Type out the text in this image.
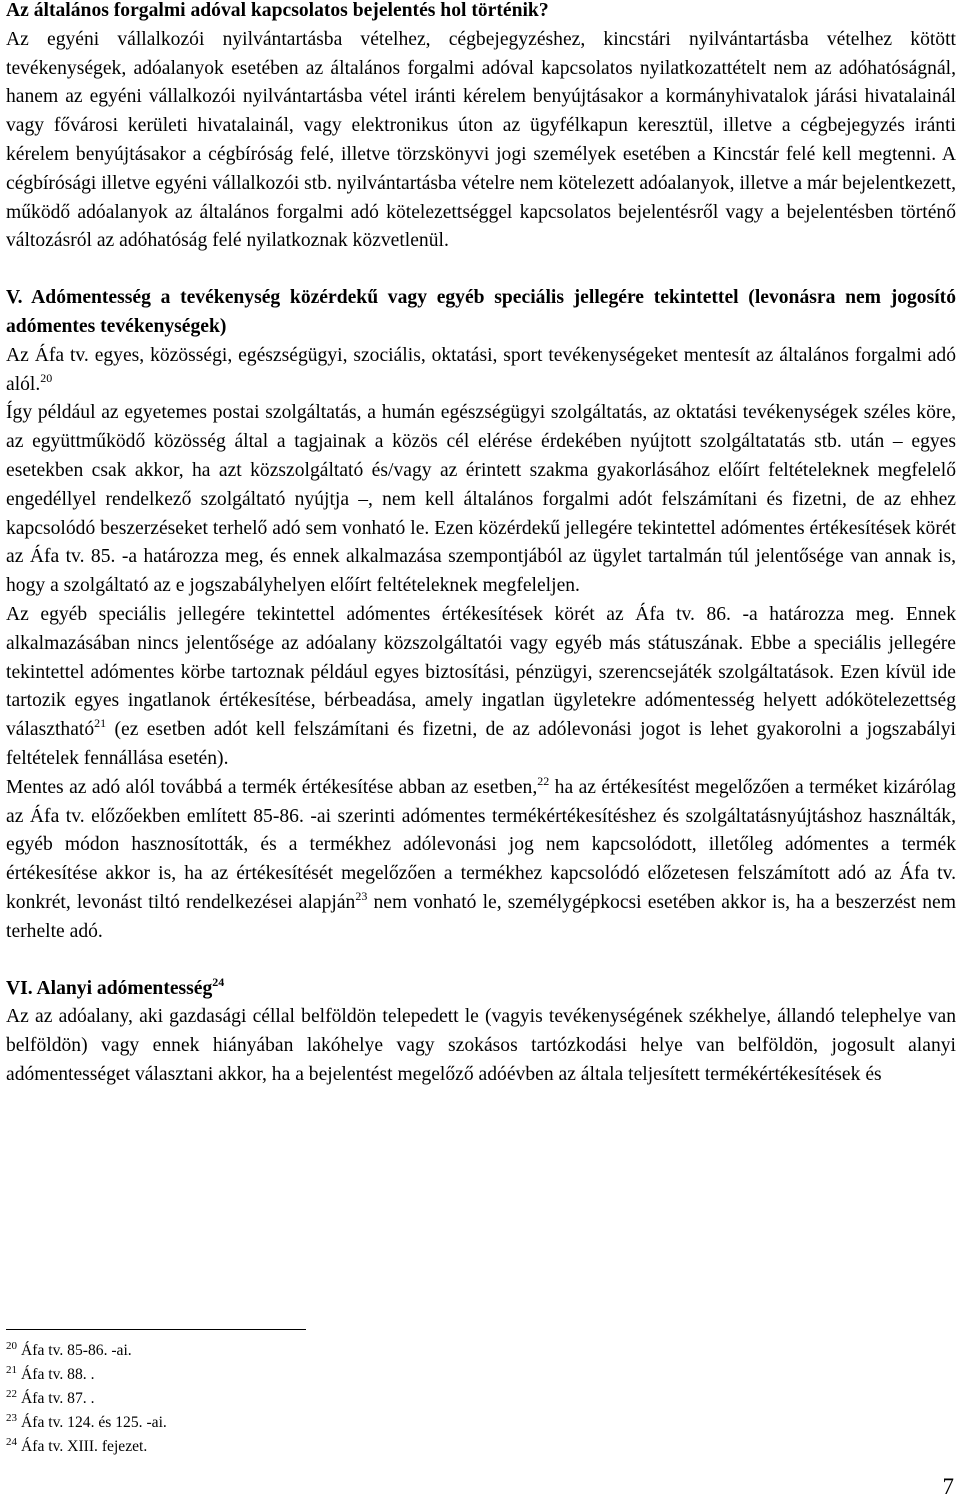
Az általános forgalmi adóval kapcsolatos bejelentés hol történik?

Az egyéni vállalkozói nyilvántartásba vételhez, cégbejegyzéshez, kincstári nyilvántartásba vételhez kötött tevékenységek, adóalanyok esetében az általános forgalmi adóval kapcsolatos nyilatkozattételt nem az adóhatóságnál, hanem az egyéni vállalkozói nyilvántartásba vétel iránti kérelem benyújtásakor a kormányhivatalok járási hivatalainál vagy fővárosi kerületi hivatalainál, vagy elektronikus úton az ügyfélkapun keresztül, illetve a cégbejegyzés iránti kérelem benyújtásakor a cégbíróság felé, illetve törzskönyvi jogi személyek esetében a Kincstár felé kell megtenni. A cégbírósági illetve egyéni vállalkozói stb. nyilvántartásba vételre nem kötelezett adóalanyok, illetve a már bejelentkezett, működő adóalanyok az általános forgalmi adó kötelezettséggel kapcsolatos bejelentésről vagy a bejelentésben történő változásról az adóhatóság felé nyilatkoznak közvetlenül.

V. Adómentesség a tevékenység közérdekű vagy egyéb speciális jellegére tekintettel (levonásra nem jogosító adómentes tevékenységek)

Az Áfa tv. egyes, közösségi, egészségügyi, szociális, oktatási, sport tevékenységeket mentesít az általános forgalmi adó alól.$^{20}$

Így például az egyetemes postai szolgáltatás, a humán egészségügyi szolgáltatás, az oktatási tevékenységek széles köre, az együttműködő közösség által a tagjainak a közös cél elérése érdekében nyújtott szolgáltatatás stb. után – egyes esetekben csak akkor, ha azt közszolgáltató és/vagy az érintett szakma gyakorlásához előírt feltételeknek megfelelő engedéllyel rendelkező szolgáltató nyújtja –, nem kell általános forgalmi adót felszámítani és fizetni, de az ehhez kapcsolódó beszerzéseket terhelő adó sem vonható le. Ezen közérdekű jellegére tekintettel adómentes értékesítések körét az Áfa tv. 85. -a határozza meg, és ennek alkalmazása szempontjából az ügylet tartalmán túl jelentősége van annak is, hogy a szolgáltató az e jogszabályhelyen előírt feltételeknek megfeleljen.

Az egyéb speciális jellegére tekintettel adómentes értékesítések körét az Áfa tv. 86. -a határozza meg. Ennek alkalmazásában nincs jelentősége az adóalany közszolgáltatói vagy egyéb más státuszának. Ebbe a speciális jellegére tekintettel adómentes körbe tartoznak például egyes biztosítási, pénzügyi, szerencsejáték szolgáltatások. Ezen kívül ide tartozik egyes ingatlanok értékesítése, bérbeadása, amely ingatlan ügyletekre adómentesség helyett adókötelezettség választható$^{21}$ (ez esetben adót kell felszámítani és fizetni, de az adólevonási jogot is lehet gyakorolni a jogszabályi feltételek fennállása esetén).

Mentes az adó alól továbbá a termék értékesítése abban az esetben,$^{22}$ ha az értékesítést megelőzően a terméket kizárólag az Áfa tv. előzőekben említett 85-86. -ai szerinti adómentes termékértékesítéshez és szolgáltatásnyújtáshoz használták, egyéb módon hasznosították, és a termékhez adólevonási jog nem kapcsolódott, illetőleg adómentes a termék értékesítése akkor is, ha az értékesítését megelőzően a termékhez kapcsolódó előzetesen felszámított adó az Áfa tv. konkrét, levonást tiltó rendelkezései alapján$^{23}$ nem vonható le, személygépkocsi esetében akkor is, ha a beszerzést nem terhelte adó.

VI. Alanyi adómentesség$^{24}$

Az az adóalany, aki gazdasági céllal belföldön telepedett le (vagyis tevékenységének székhelye, állandó telephelye van belföldön) vagy ennek hiányában lakóhelye vagy szokásos tartózkodási helye van belföldön, jogosult alanyi adómentességet választani akkor, ha a bejelentést megelőző adóévben az általa teljesített termékértékesítések és

$^{20}$ Áfa tv. 85-86. -ai.

$^{21}$ Áfa tv. 88. .

$^{22}$ Áfa tv. 87. .

$^{23}$ Áfa tv. 124. és 125. -ai.

$^{24}$ Áfa tv. XIII. fejezet.

7
